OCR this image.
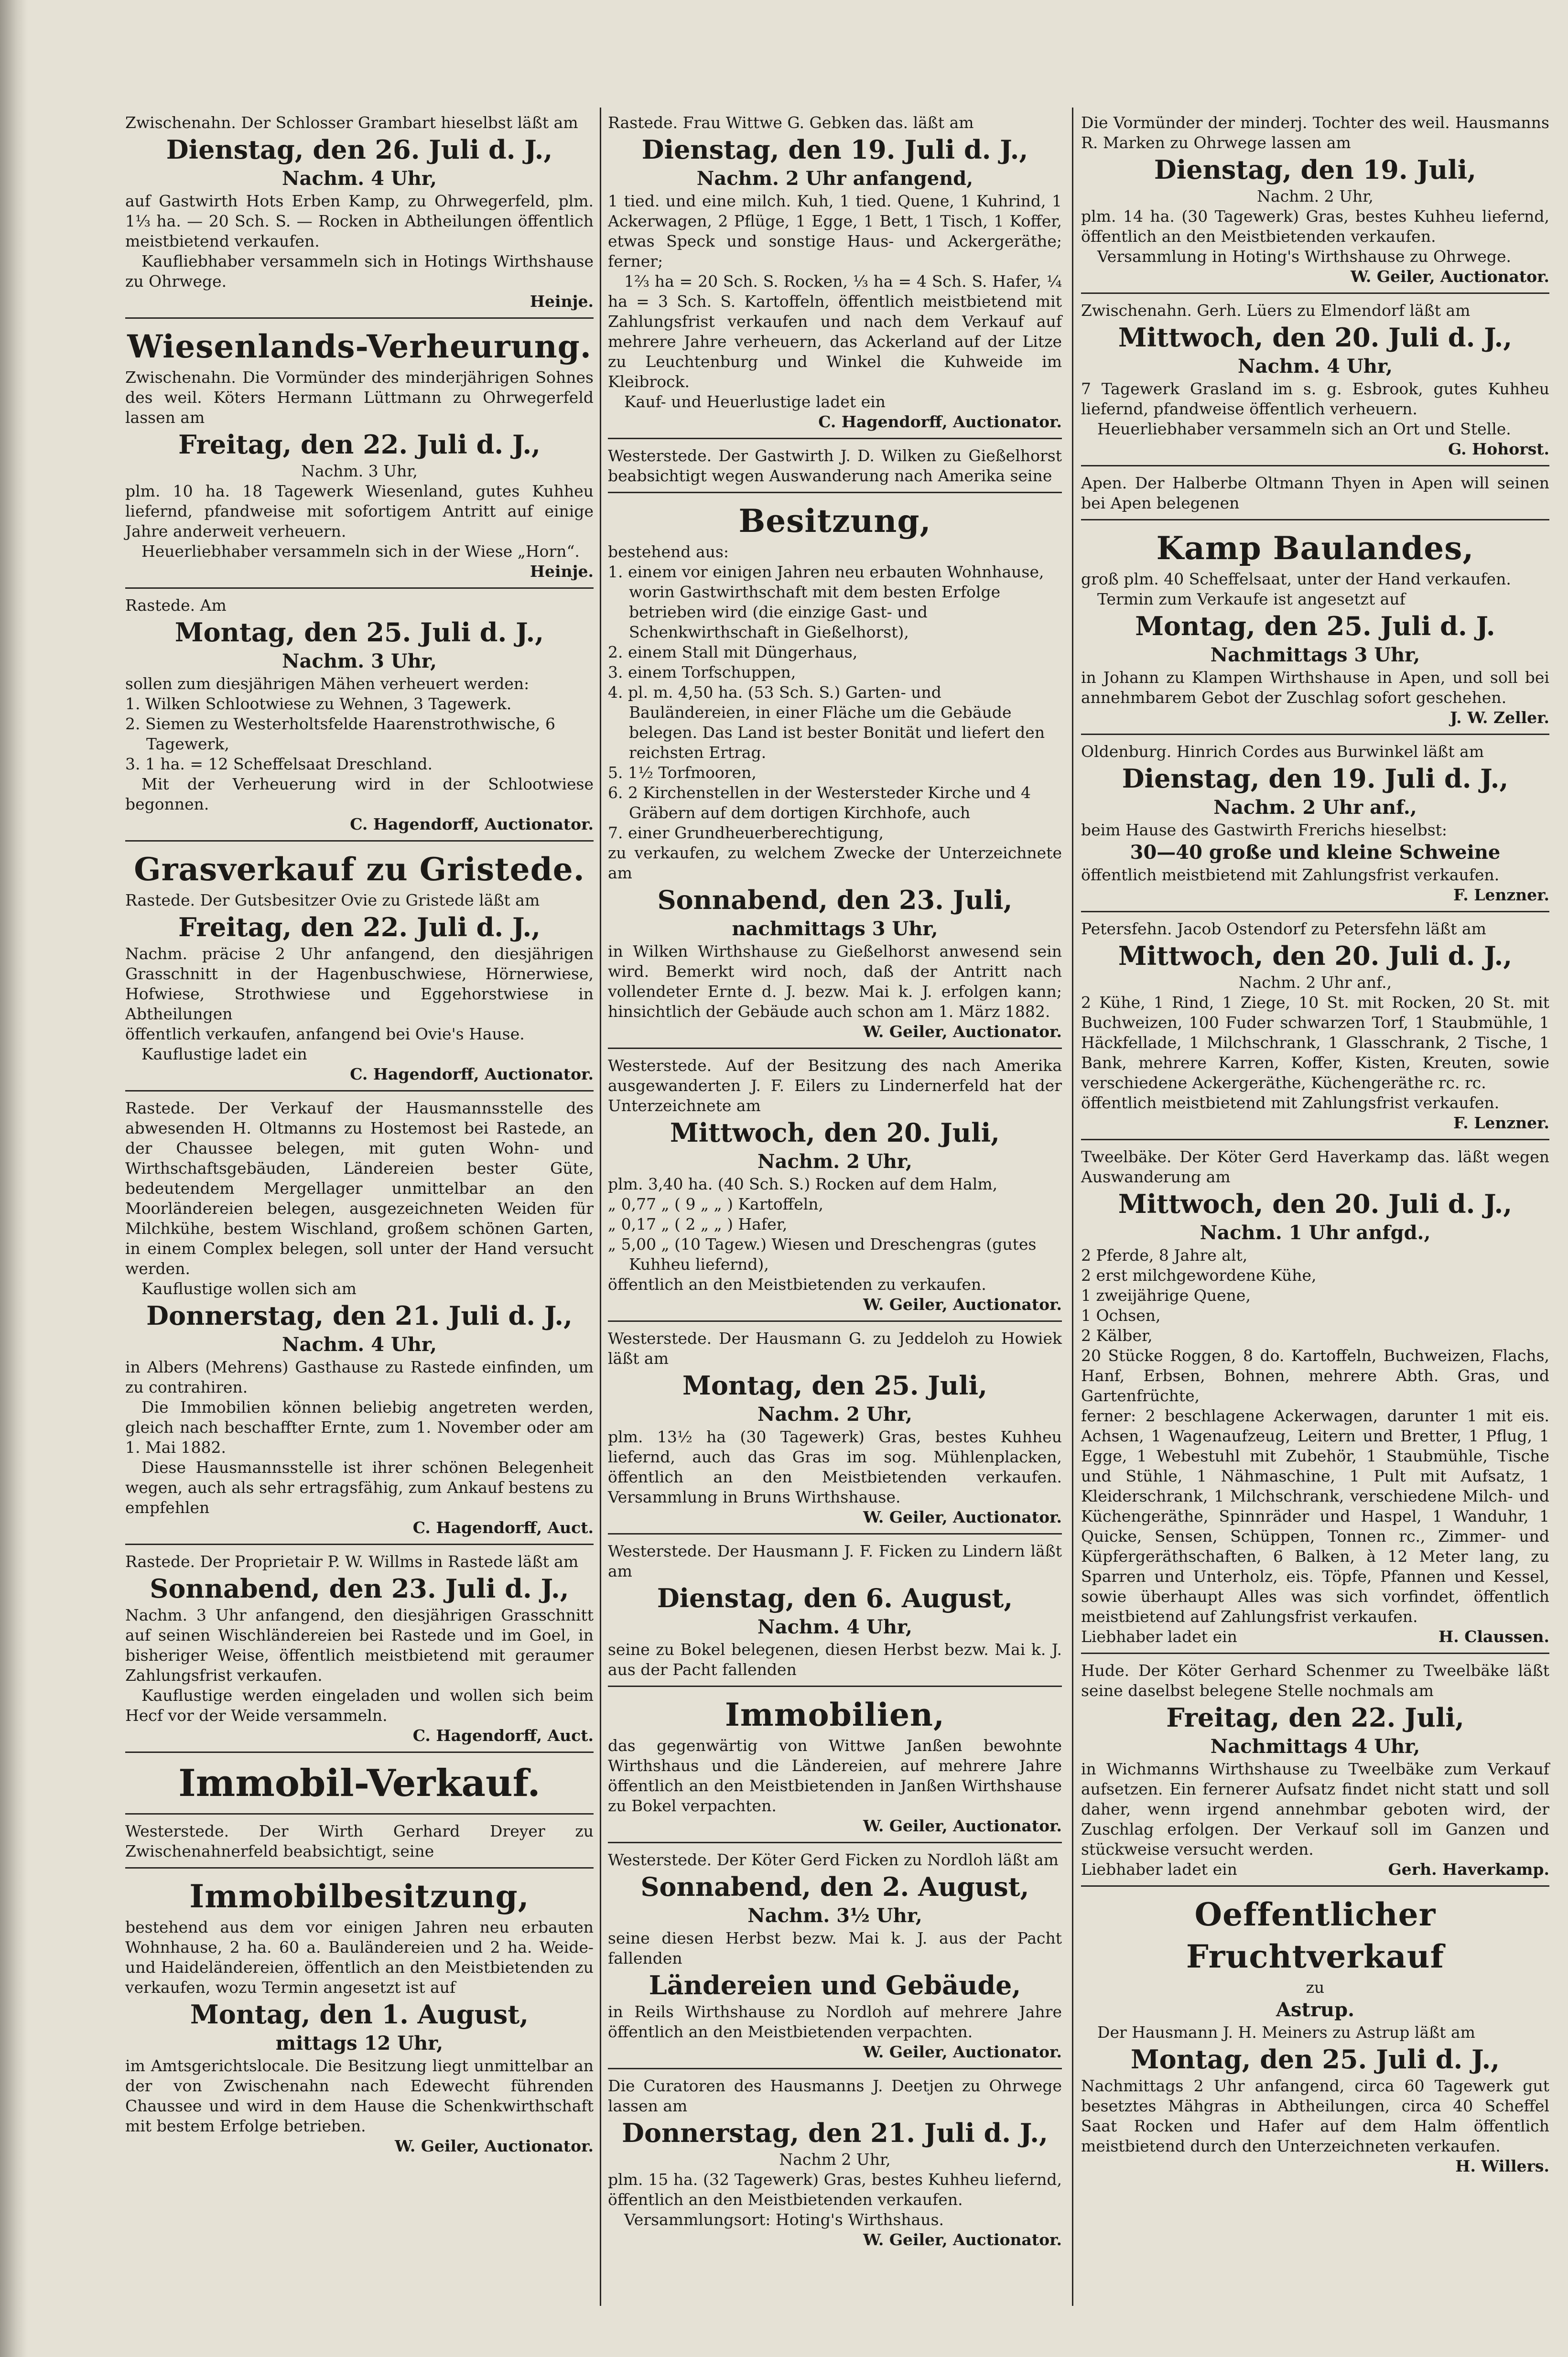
Zwischenahn. Der Schlosser Grambart hieselbst läßt am

Dienstag, den 26. Juli d. J.,
Nachm. 4 Uhr,

auf Gastwirth Hots Erben Kamp, zu Ohrwegerfeld, plm. 1⅓ ha. — 20 Sch. S. — Rocken in Abtheilungen öffentlich meistbietend verkaufen.

Kaufliebhaber versammeln sich in Hotings Wirthshause zu Ohrwege.

Heinje.
Wiesenlands-Verheurung.

Zwischenahn. Die Vormünder des minderjährigen Sohnes des weil. Köters Hermann Lüttmann zu Ohrwegerfeld lassen am

Freitag, den 22. Juli d. J.,

Nachm. 3 Uhr,

plm. 10 ha. 18 Tagewerk Wiesenland, gutes Kuhheu liefernd, pfandweise mit sofortigem Antritt auf einige Jahre anderweit verheuern.

Heuerliebhaber versammeln sich in der Wiese „Horn“.

Heinje.

Rastede. Am

Montag, den 25. Juli d. J.,
Nachm. 3 Uhr,

sollen zum diesjährigen Mähen verheuert werden:

1. Wilken Schlootwiese zu Wehnen, 3 Tagewerk.
2. Siemen zu Westerholtsfelde Haarenstrothwische, 6 Tagewerk,
3. 1 ha. = 12 Scheffelsaat Dreschland.

Mit der Verheuerung wird in der Schlootwiese begonnen.

C. Hagendorff, Auctionator.
Grasverkauf zu Gristede.

Rastede. Der Gutsbesitzer Ovie zu Gristede läßt am

Freitag, den 22. Juli d. J.,

Nachm. präcise 2 Uhr anfangend, den diesjährigen Grasschnitt in der Hagenbuschwiese, Hörnerwiese, Hofwiese, Strothwiese und Eggehorstwiese in Abtheilungen

öffentlich verkaufen, anfangend bei Ovie's Hause.

Kauflustige ladet ein

C. Hagendorff, Auctionator.

Rastede. Der Verkauf der Hausmannsstelle des abwesenden H. Oltmanns zu Hostemost bei Rastede, an der Chaussee belegen, mit guten Wohn- und Wirthschaftsgebäuden, Ländereien bester Güte, bedeutendem Mergellager unmittelbar an den Moorländereien belegen, ausgezeichneten Weiden für Milchkühe, bestem Wischland, großem schönen Garten, in einem Complex belegen, soll unter der Hand versucht werden.

Kauflustige wollen sich am

Donnerstag, den 21. Juli d. J.,
Nachm. 4 Uhr,

in Albers (Mehrens) Gasthause zu Rastede einfinden, um zu contrahiren.

Die Immobilien können beliebig angetreten werden, gleich nach beschaffter Ernte, zum 1. November oder am 1. Mai 1882.

Diese Hausmannsstelle ist ihrer schönen Belegenheit wegen, auch als sehr ertragsfähig, zum Ankauf bestens zu empfehlen

C. Hagendorff, Auct.

Rastede. Der Proprietair P. W. Willms in Rastede läßt am

Sonnabend, den 23. Juli d. J.,

Nachm. 3 Uhr anfangend, den diesjährigen Grasschnitt auf seinen Wischländereien bei Rastede und im Goel, in bisheriger Weise, öffentlich meistbietend mit geraumer Zahlungsfrist verkaufen.

Kauflustige werden eingeladen und wollen sich beim Hecf vor der Weide versammeln.

C. Hagendorff, Auct.
Immobil-Verkauf.

Westerstede. Der Wirth Gerhard Dreyer zu Zwischenahnerfeld beabsichtigt, seine

Immobilbesitzung,

bestehend aus dem vor einigen Jahren neu erbauten Wohnhause, 2 ha. 60 a. Bauländereien und 2 ha. Weide- und Haideländereien, öffentlich an den Meistbietenden zu verkaufen, wozu Termin angesetzt ist auf

Montag, den 1. August,
mittags 12 Uhr,

im Amtsgerichtslocale. Die Besitzung liegt unmittelbar an der von Zwischenahn nach Edewecht führenden Chaussee und wird in dem Hause die Schenkwirthschaft mit bestem Erfolge betrieben.

W. Geiler, Auctionator.

Rastede. Frau Wittwe G. Gebken das. läßt am

Dienstag, den 19. Juli d. J.,
Nachm. 2 Uhr anfangend,

1 tied. und eine milch. Kuh, 1 tied. Quene, 1 Kuhrind, 1 Ackerwagen, 2 Pflüge, 1 Egge, 1 Bett, 1 Tisch, 1 Koffer, etwas Speck und sonstige Haus- und Ackergeräthe; ferner;

1⅔ ha = 20 Sch. S. Rocken, ⅓ ha = 4 Sch. S. Hafer, ¼ ha = 3 Sch. S. Kartoffeln, öffentlich meistbietend mit Zahlungsfrist verkaufen und nach dem Verkauf auf mehrere Jahre verheuern, das Ackerland auf der Litze zu Leuchtenburg und Winkel die Kuhweide im Kleibrock.

Kauf- und Heuerlustige ladet ein

C. Hagendorff, Auctionator.

Westerstede. Der Gastwirth J. D. Wilken zu Gießelhorst beabsichtigt wegen Auswanderung nach Amerika seine

Besitzung,

bestehend aus:

1. einem vor einigen Jahren neu erbauten Wohnhause, worin Gastwirthschaft mit dem besten Erfolge betrieben wird (die einzige Gast- und Schenkwirthschaft in Gießelhorst),
2. einem Stall mit Düngerhaus,
3. einem Torfschuppen,
4. pl. m. 4,50 ha. (53 Sch. S.) Garten- und Bauländereien, in einer Fläche um die Gebäude belegen. Das Land ist bester Bonität und liefert den reichsten Ertrag.
5. 1½ Torfmooren,
6. 2 Kirchenstellen in der Westersteder Kirche und 4 Gräbern auf dem dortigen Kirchhofe, auch
7. einer Grundheuerberechtigung,

zu verkaufen, zu welchem Zwecke der Unterzeichnete am

Sonnabend, den 23. Juli,
nachmittags 3 Uhr,

in Wilken Wirthshause zu Gießelhorst anwesend sein wird. Bemerkt wird noch, daß der Antritt nach vollendeter Ernte d. J. bezw. Mai k. J. erfolgen kann; hinsichtlich der Gebäude auch schon am 1. März 1882.

W. Geiler, Auctionator.

Westerstede. Auf der Besitzung des nach Amerika ausgewanderten J. F. Eilers zu Lindernerfeld hat der Unterzeichnete am

Mittwoch, den 20. Juli,
Nachm. 2 Uhr,
plm. 3,40 ha. (40 Sch. S.) Rocken auf dem Halm,
„ 0,77 „ ( 9 „ „ ) Kartoffeln,
„ 0,17 „ ( 2 „ „ ) Hafer,
„ 5,00 „ (10 Tagew.) Wiesen und Dreschengras (gutes Kuhheu liefernd),

öffentlich an den Meistbietenden zu verkaufen.

W. Geiler, Auctionator.

Westerstede. Der Hausmann G. zu Jeddeloh zu Howiek läßt am

Montag, den 25. Juli,
Nachm. 2 Uhr,

plm. 13½ ha (30 Tagewerk) Gras, bestes Kuhheu liefernd, auch das Gras im sog. Mühlenplacken, öffentlich an den Meistbietenden verkaufen. Versammlung in Bruns Wirthshause.

W. Geiler, Auctionator.

Westerstede. Der Hausmann J. F. Ficken zu Lindern läßt am

Dienstag, den 6. August,
Nachm. 4 Uhr,

seine zu Bokel belegenen, diesen Herbst bezw. Mai k. J. aus der Pacht fallenden

Immobilien,

das gegenwärtig von Wittwe Janßen bewohnte Wirthshaus und die Ländereien, auf mehrere Jahre öffentlich an den Meistbietenden in Janßen Wirthshause zu Bokel verpachten.

W. Geiler, Auctionator.

Westerstede. Der Köter Gerd Ficken zu Nordloh läßt am

Sonnabend, den 2. August,
Nachm. 3½ Uhr,

seine diesen Herbst bezw. Mai k. J. aus der Pacht fallenden

Ländereien und Gebäude,

in Reils Wirthshause zu Nordloh auf mehrere Jahre öffentlich an den Meistbietenden verpachten.

W. Geiler, Auctionator.

Die Curatoren des Hausmanns J. Deetjen zu Ohrwege lassen am

Donnerstag, den 21. Juli d. J.,

Nachm 2 Uhr,

plm. 15 ha. (32 Tagewerk) Gras, bestes Kuhheu liefernd, öffentlich an den Meistbietenden verkaufen.

Versammlungsort: Hoting's Wirthshaus.

W. Geiler, Auctionator.

Die Vormünder der minderj. Tochter des weil. Hausmanns R. Marken zu Ohrwege lassen am

Dienstag, den 19. Juli,

Nachm. 2 Uhr,

plm. 14 ha. (30 Tagewerk) Gras, bestes Kuhheu liefernd, öffentlich an den Meistbietenden verkaufen.

Versammlung in Hoting's Wirthshause zu Ohrwege.

W. Geiler, Auctionator.

Zwischenahn. Gerh. Lüers zu Elmendorf läßt am

Mittwoch, den 20. Juli d. J.,
Nachm. 4 Uhr,

7 Tagewerk Grasland im s. g. Esbrook, gutes Kuhheu liefernd, pfandweise öffentlich verheuern.

Heuerliebhaber versammeln sich an Ort und Stelle.

G. Hohorst.

Apen. Der Halberbe Oltmann Thyen in Apen will seinen bei Apen belegenen

Kamp Baulandes,

groß plm. 40 Scheffelsaat, unter der Hand verkaufen.

Termin zum Verkaufe ist angesetzt auf

Montag, den 25. Juli d. J.
Nachmittags 3 Uhr,

in Johann zu Klampen Wirthshause in Apen, und soll bei annehmbarem Gebot der Zuschlag sofort geschehen.

J. W. Zeller.

Oldenburg. Hinrich Cordes aus Burwinkel läßt am

Dienstag, den 19. Juli d. J.,
Nachm. 2 Uhr anf.,

beim Hause des Gastwirth Frerichs hieselbst:

30—40 große und kleine Schweine

öffentlich meistbietend mit Zahlungsfrist verkaufen.

F. Lenzner.

Petersfehn. Jacob Ostendorf zu Petersfehn läßt am

Mittwoch, den 20. Juli d. J.,

Nachm. 2 Uhr anf.,

2 Kühe, 1 Rind, 1 Ziege, 10 St. mit Rocken, 20 St. mit Buchweizen, 100 Fuder schwarzen Torf, 1 Staubmühle, 1 Häckfellade, 1 Milchschrank, 1 Glasschrank, 2 Tische, 1 Bank, mehrere Karren, Koffer, Kisten, Kreuten, sowie verschiedene Ackergeräthe, Küchengeräthe rc. rc.

öffentlich meistbietend mit Zahlungsfrist verkaufen.

F. Lenzner.

Tweelbäke. Der Köter Gerd Haverkamp das. läßt wegen Auswanderung am

Mittwoch, den 20. Juli d. J.,
Nachm. 1 Uhr anfgd.,
2 Pferde, 8 Jahre alt,
2 erst milchgewordene Kühe,
1 zweijährige Quene,
1 Ochsen,
2 Kälber,

20 Stücke Roggen, 8 do. Kartoffeln, Buchweizen, Flachs, Hanf, Erbsen, Bohnen, mehrere Abth. Gras, und Gartenfrüchte,

ferner: 2 beschlagene Ackerwagen, darunter 1 mit eis. Achsen, 1 Wagenaufzeug, Leitern und Bretter, 1 Pflug, 1 Egge, 1 Webestuhl mit Zubehör, 1 Staubmühle, Tische und Stühle, 1 Nähmaschine, 1 Pult mit Aufsatz, 1 Kleiderschrank, 1 Milchschrank, verschiedene Milch- und Küchengeräthe, Spinnräder und Haspel, 1 Wanduhr, 1 Quicke, Sensen, Schüppen, Tonnen rc., Zimmer- und Küpfergeräthschaften, 6 Balken, à 12 Meter lang, zu Sparren und Unterholz, eis. Töpfe, Pfannen und Kessel, sowie überhaupt Alles was sich vorfindet, öffentlich meistbietend auf Zahlungsfrist verkaufen.

Liebhaber ladet ein	H. Claussen.

Hude. Der Köter Gerhard Schenmer zu Tweelbäke läßt seine daselbst belegene Stelle nochmals am

Freitag, den 22. Juli,
Nachmittags 4 Uhr,

in Wichmanns Wirthshause zu Tweelbäke zum Verkauf aufsetzen. Ein fernerer Aufsatz findet nicht statt und soll daher, wenn irgend annehmbar geboten wird, der Zuschlag erfolgen. Der Verkauf soll im Ganzen und stückweise versucht werden.

Liebhaber ladet ein	Gerh. Haverkamp.
Oeffentlicher Fruchtverkauf

zu

Astrup.

Der Hausmann J. H. Meiners zu Astrup läßt am

Montag, den 25. Juli d. J.,

Nachmittags 2 Uhr anfangend, circa 60 Tagewerk gut besetztes Mähgras in Abtheilungen, circa 40 Scheffel Saat Rocken und Hafer auf dem Halm öffentlich meistbietend durch den Unterzeichneten verkaufen.

H. Willers.
